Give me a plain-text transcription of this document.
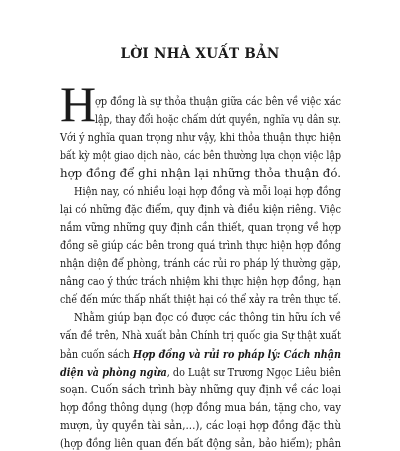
LỜI NHÀ XUẤT BẢN
H
ợp đồng là sự thỏa thuận giữa các bên về việc xác
lập, thay đổi hoặc chấm dứt quyền, nghĩa vụ dân sự.
Với ý nghĩa quan trọng như vậy, khi thỏa thuận thực hiện
bất kỳ một giao dịch nào, các bên thường lựa chọn việc lập
hợp đồng để ghi nhận lại những thỏa thuận đó.
Hiện nay, có nhiều loại hợp đồng và mỗi loại hợp đồng
lại có những đặc điểm, quy định và điều kiện riêng. Việc
nắm vững những quy định cần thiết, quan trọng về hợp
đồng sẽ giúp các bên trong quá trình thực hiện hợp đồng
nhận diện để phòng, tránh các rủi ro pháp lý thường gặp,
nâng cao ý thức trách nhiệm khi thực hiện hợp đồng, hạn
chế đến mức thấp nhất thiệt hại có thể xảy ra trên thực tế.
Nhằm giúp bạn đọc có được các thông tin hữu ích về
vấn đề trên, Nhà xuất bản Chính trị quốc gia Sự thật xuất
bản cuốn sách Hợp đồng và rủi ro pháp lý: Cách nhận
diện và phòng ngừa, do Luật sư Trương Ngọc Liêu biên
soạn. Cuốn sách trình bày những quy định về các loại
hợp đồng thông dụng (hợp đồng mua bán, tặng cho, vay
mượn, ủy quyền tài sản,...), các loại hợp đồng đặc thù
(hợp đồng liên quan đến bất động sản, bảo hiểm); phân
